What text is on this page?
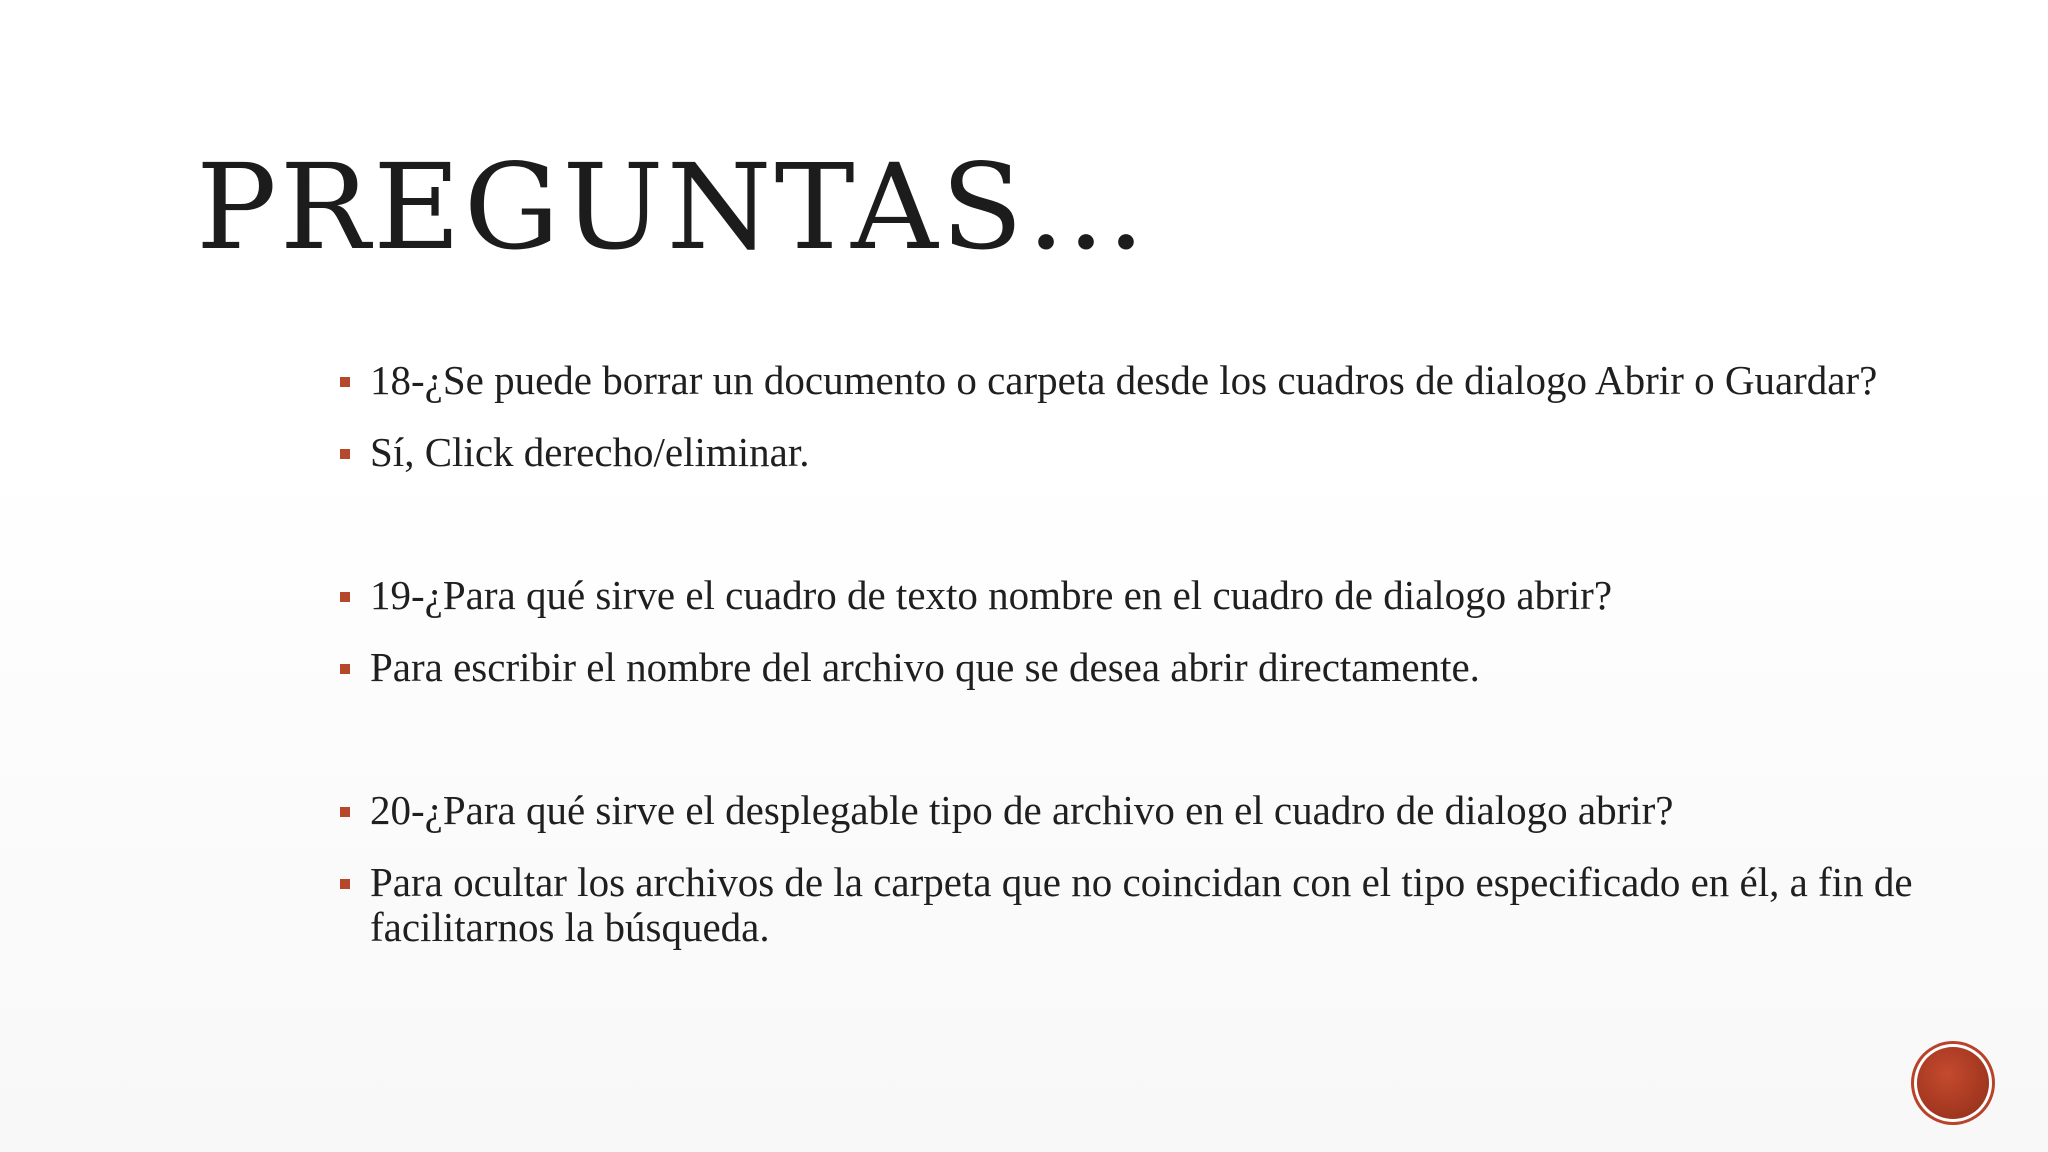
PREGUNTAS…
18-¿Se puede borrar un documento o carpeta desde los cuadros de dialogo Abrir o Guardar?
Sí, Click derecho/eliminar.
19-¿Para qué sirve el cuadro de texto nombre en el cuadro de dialogo abrir?
Para escribir el nombre del archivo que se desea abrir directamente.
20-¿Para qué sirve el desplegable tipo de archivo en el cuadro de dialogo abrir?
Para ocultar los archivos de la carpeta que no coincidan con el tipo especificado en él, a fin de facilitarnos la búsqueda.
